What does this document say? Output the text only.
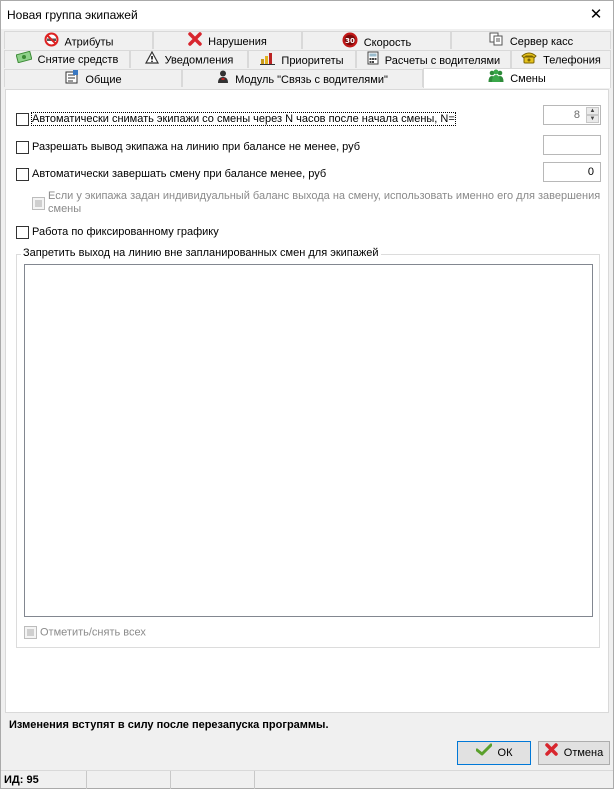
Новая группа экипажей	✕
Атрибуты	Нарушения	30 Скорость	Сервер касс
Снятие средств	Уведомления	Приоритеты	Расчеты с водителями	Телефония
Общие	Модуль "Связь с водителями"	Смены
Автоматически снимать экипажи со смены через N часов после начала смены, N=	8	▲
▼
Разрешать вывод экипажа на линию при балансе не менее, руб
Автоматически завершать смену при балансе менее, руб	0
Если у экипажа задан индивидуальный баланс выхода на смену, использовать именно его для завершения смены
Работа по фиксированному графику
Запретить выход на линию вне запланированных смен для экипажей
Отметить/снять всех
Изменения вступят в силу после перезапуска программы.
ОК	Отмена
ИД: 95
